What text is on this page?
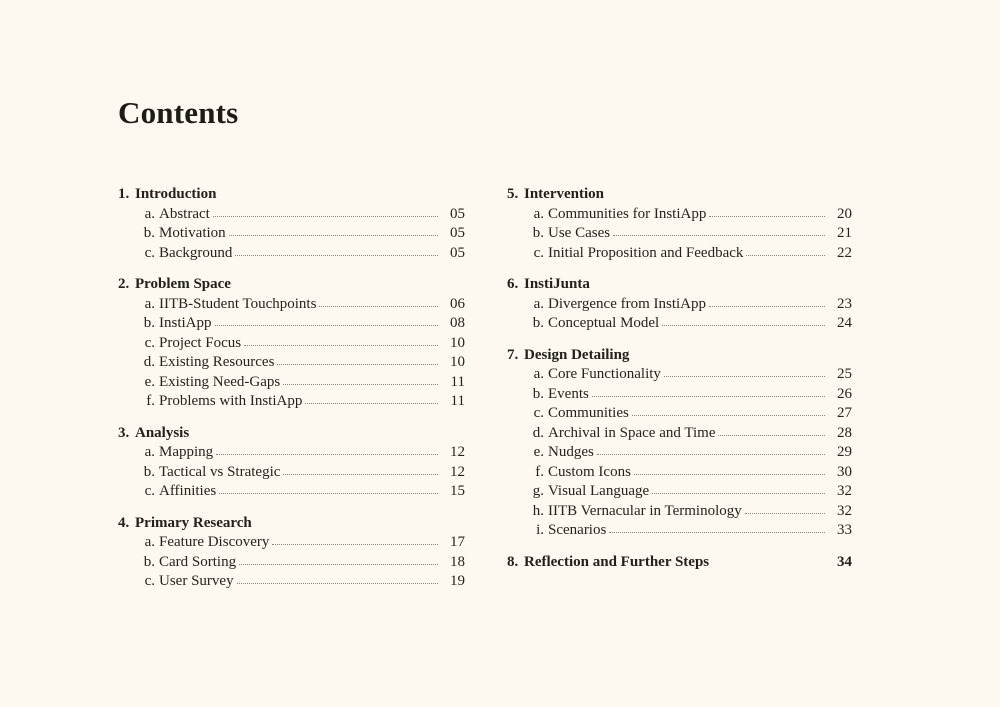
Contents
1. Introduction
a. Abstract	05
b. Motivation	05
c. Background	05
2. Problem Space
a. IITB-Student Touchpoints	06
b. InstiApp	08
c. Project Focus	10
d. Existing Resources	10
e. Existing Need-Gaps	11
f. Problems with InstiApp	11
3. Analysis
a. Mapping	12
b. Tactical vs Strategic	12
c. Affinities	15
4. Primary Research
a. Feature Discovery	17
b. Card Sorting	18
c. User Survey	19
5. Intervention
a. Communities for InstiApp	20
b. Use Cases	21
c. Initial Proposition and Feedback	22
6. InstiJunta
a. Divergence from InstiApp	23
b. Conceptual Model	24
7. Design Detailing
a. Core Functionality	25
b. Events	26
c. Communities	27
d. Archival in Space and Time	28
e. Nudges	29
f. Custom Icons	30
g. Visual Language	32
h. IITB Vernacular in Terminology	32
i. Scenarios	33
8. Reflection and Further Steps	34
